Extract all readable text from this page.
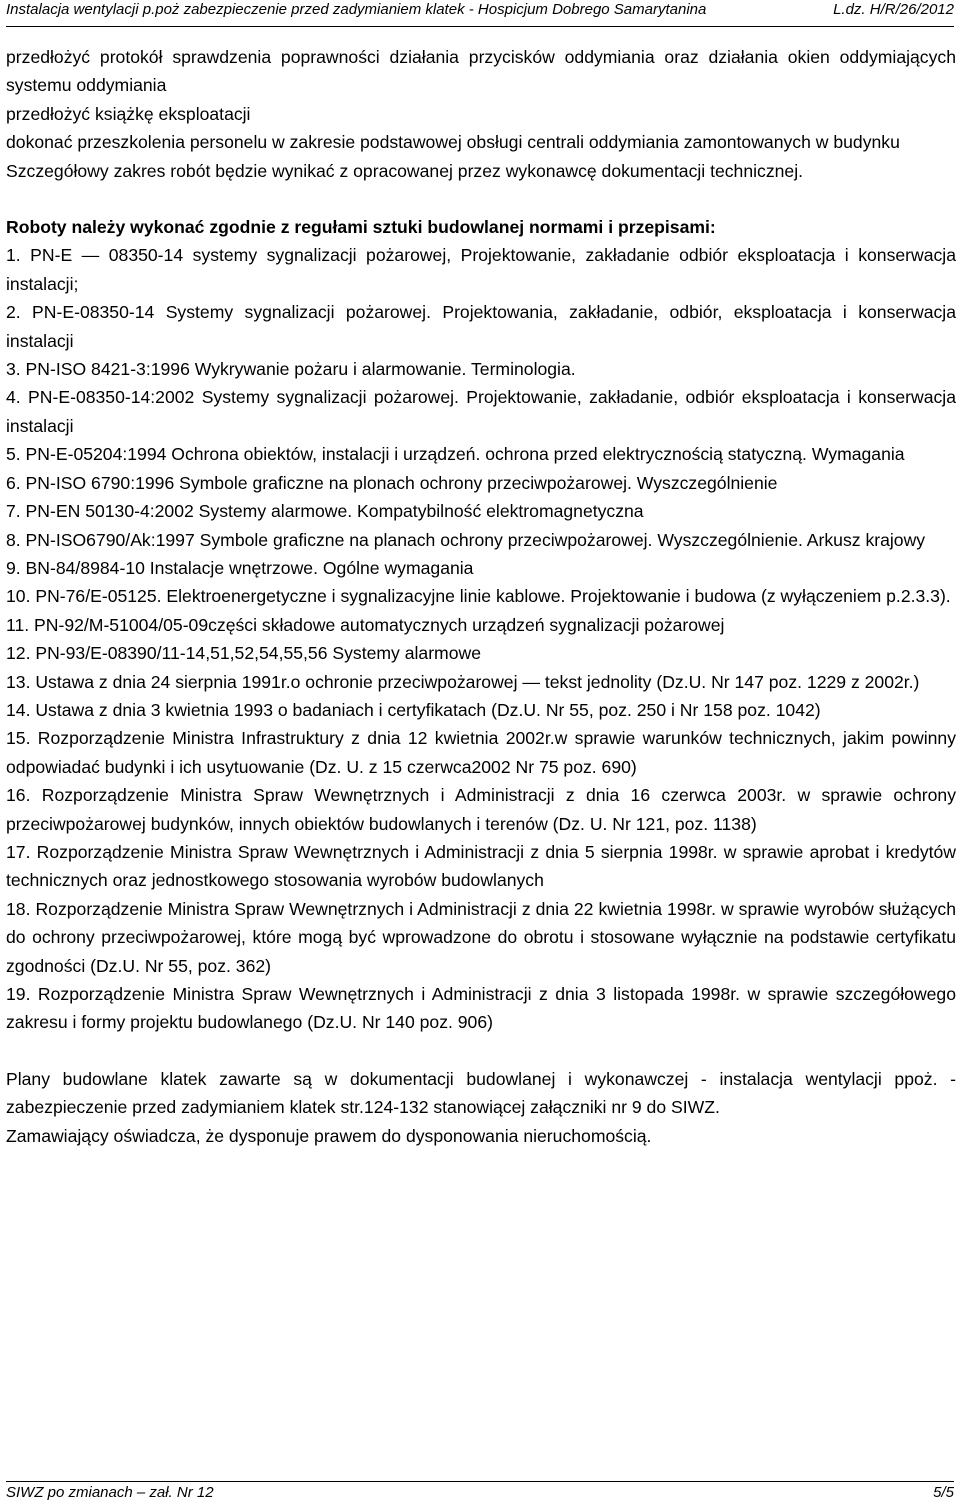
Instalacja wentylacji p.poż zabezpieczenie przed zadymianiem klatek - Hospicjum Dobrego Samarytanina	L.dz. H/R/26/2012

przedłożyć protokół sprawdzenia poprawności działania przycisków oddymiania oraz działania okien oddymiających systemu oddymiania

przedłożyć książkę eksploatacji

dokonać przeszkolenia personelu w zakresie podstawowej obsługi centrali oddymiania zamontowanych w budynku

Szczegółowy zakres robót będzie wynikać z opracowanej przez wykonawcę dokumentacji technicznej.

Roboty należy wykonać zgodnie z regułami sztuki budowlanej normami i przepisami:

1. PN-E — 08350-14 systemy sygnalizacji pożarowej, Projektowanie, zakładanie odbiór eksploatacja i konserwacja instalacji;

2. PN-E-08350-14 Systemy sygnalizacji pożarowej. Projektowania, zakładanie, odbiór, eksploatacja i konserwacja instalacji

3. PN-ISO 8421-3:1996 Wykrywanie pożaru i alarmowanie. Terminologia.

4. PN-E-08350-14:2002 Systemy sygnalizacji pożarowej. Projektowanie, zakładanie, odbiór eksploatacja i konserwacja instalacji

5. PN-E-05204:1994 Ochrona obiektów, instalacji i urządzeń. ochrona przed elektrycznością statyczną. Wymagania

6. PN-ISO 6790:1996 Symbole graficzne na plonach ochrony przeciwpożarowej. Wyszczególnienie

7. PN-EN 50130-4:2002 Systemy alarmowe. Kompatybilność elektromagnetyczna

8. PN-ISO6790/Ak:1997 Symbole graficzne na planach ochrony przeciwpożarowej. Wyszczególnienie. Arkusz krajowy

9. BN-84/8984-10 Instalacje wnętrzowe. Ogólne wymagania

10. PN-76/E-05125. Elektroenergetyczne i sygnalizacyjne linie kablowe. Projektowanie i budowa (z wyłączeniem p.2.3.3).

11. PN-92/M-51004/05-09części składowe automatycznych urządzeń sygnalizacji pożarowej

12. PN-93/E-08390/11-14,51,52,54,55,56 Systemy alarmowe

13. Ustawa z dnia 24 sierpnia 1991r.o ochronie przeciwpożarowej — tekst jednolity (Dz.U. Nr 147 poz. 1229 z 2002r.)

14. Ustawa z dnia 3 kwietnia 1993 o badaniach i certyfikatach (Dz.U. Nr 55, poz. 250 i Nr 158 poz. 1042)

15. Rozporządzenie Ministra Infrastruktury z dnia 12 kwietnia 2002r.w sprawie warunków technicznych, jakim powinny odpowiadać budynki i ich usytuowanie (Dz. U. z 15 czerwca2002 Nr 75 poz. 690)

16. Rozporządzenie Ministra Spraw Wewnętrznych i Administracji z dnia 16 czerwca 2003r. w sprawie ochrony przeciwpożarowej budynków, innych obiektów budowlanych i terenów (Dz. U. Nr 121, poz. 1138)

17. Rozporządzenie Ministra Spraw Wewnętrznych i Administracji z dnia 5 sierpnia 1998r. w sprawie aprobat i kredytów technicznych oraz jednostkowego stosowania wyrobów budowlanych

18. Rozporządzenie Ministra Spraw Wewnętrznych i Administracji z dnia 22 kwietnia 1998r. w sprawie wyrobów służących do ochrony przeciwpożarowej, które mogą być wprowadzone do obrotu i stosowane wyłącznie na podstawie certyfikatu zgodności (Dz.U. Nr 55, poz. 362)

19. Rozporządzenie Ministra Spraw Wewnętrznych i Administracji z dnia 3 listopada 1998r. w sprawie szczegółowego zakresu i formy projektu budowlanego (Dz.U. Nr 140 poz. 906)

Plany budowlane klatek zawarte są w dokumentacji budowlanej i wykonawczej - instalacja wentylacji ppoż. - zabezpieczenie przed zadymianiem klatek str.124-132 stanowiącej załączniki nr 9 do SIWZ.

Zamawiający oświadcza, że dysponuje prawem do dysponowania nieruchomością.

SIWZ po zmianach – zał. Nr 12	5/5
